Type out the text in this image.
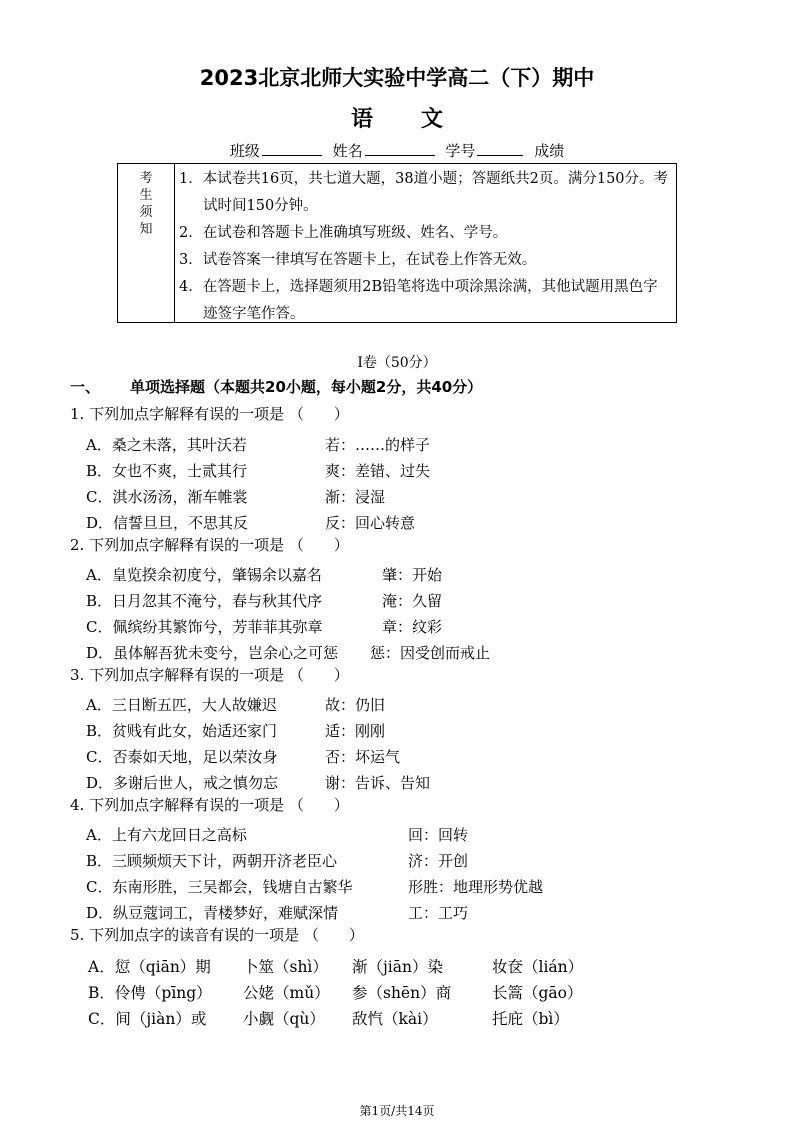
2023北京北师大实验中学高二（下）期中
语文
班级	姓名	学号	成绩
考
生
须
知
1．本试卷共16页，共七道大题，38道小题；答题纸共2页。满分150分。考试时间150分钟。
2．在试卷和答题卡上准确填写班级、姓名、学号。
3．试卷答案一律填写在答题卡上，在试卷上作答无效。
4．在答题卡上，选择题须用2B铅笔将选中项涂黑涂满，其他试题用黑色字迹签字笔作答。
I卷（50分）
一、 单项选择题（本题共20小题，每小题2分，共40分）
1. 下列加点字解释有误的一项是 （　　）
A．桑之未落，其叶沃若	若：……的样子
B．女也不爽，士贰其行	爽：差错、过失
C．淇水汤汤，渐车帷裳	渐：浸湿
D．信誓旦旦，不思其反	反：回心转意
2. 下列加点字解释有误的一项是 （　　）
A．皇览揆余初度兮，肇锡余以嘉名	肇：开始
B．日月忽其不淹兮，春与秋其代序	淹：久留
C．佩缤纷其繁饰兮，芳菲菲其弥章	章：纹彩
D．虽体解吾犹未变兮，岂余心之可惩 惩：因受创而戒止
3. 下列加点字解释有误的一项是 （　　）
A．三日断五匹，大人故嫌迟	故：仍旧
B．贫贱有此女，始适还家门	适：刚刚
C．否泰如天地，足以荣汝身	否：坏运气
D．多谢后世人，戒之慎勿忘	谢：告诉、告知
4. 下列加点字解释有误的一项是 （　　）
A．上有六龙回日之高标	回：回转
B．三顾频烦天下计，两朝开济老臣心	济：开创
C．东南形胜，三吴都会，钱塘自古繁华	形胜：地理形势优越
D．纵豆蔻词工，青楼梦好，难赋深情	工：工巧
5. 下列加点字的读音有误的一项是 （　　）
A．愆（qiān）期 卜筮（shì） 渐（jiān）染	妆奁（lián）
B．伶俜（pīng） 公姥（mǔ） 参（shēn）商	长篙（gāo）
C．间（jiàn）或 小觑（qù） 敌忾（kài）	托庇（bì）
第1页/共14页
